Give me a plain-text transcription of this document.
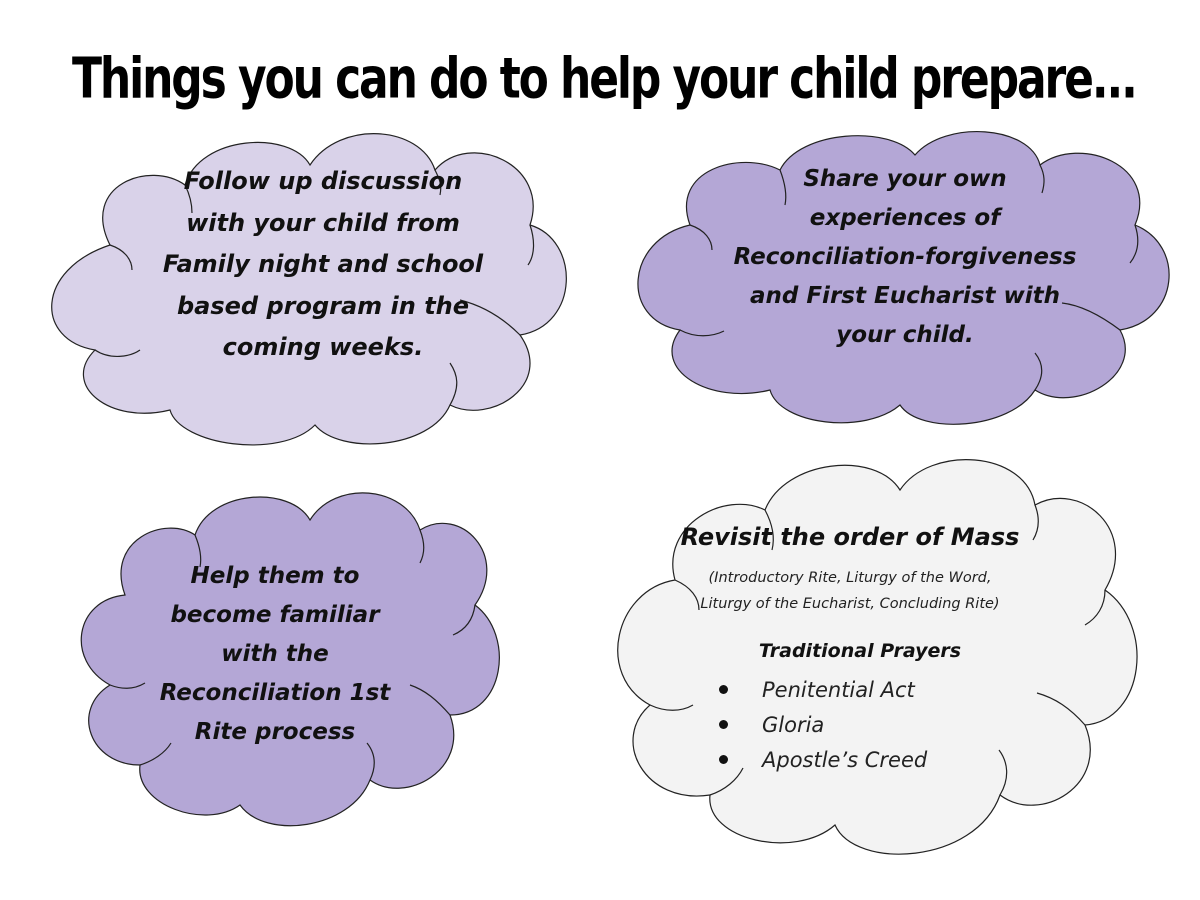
Things you can do to help your child prepare...
Follow up discussion
with your child from
Family night and school
based program in the
coming weeks.
Share your own
experiences of
Reconciliation-forgiveness
and First Eucharist with
your child.
Help them to
become familiar
with the
Reconciliation 1st
Rite process
Revisit the order of Mass
(Introductory Rite, Liturgy of the Word,
Liturgy of the Eucharist, Concluding Rite)
Traditional Prayers
Penitential Act
Gloria
Apostle’s Creed
